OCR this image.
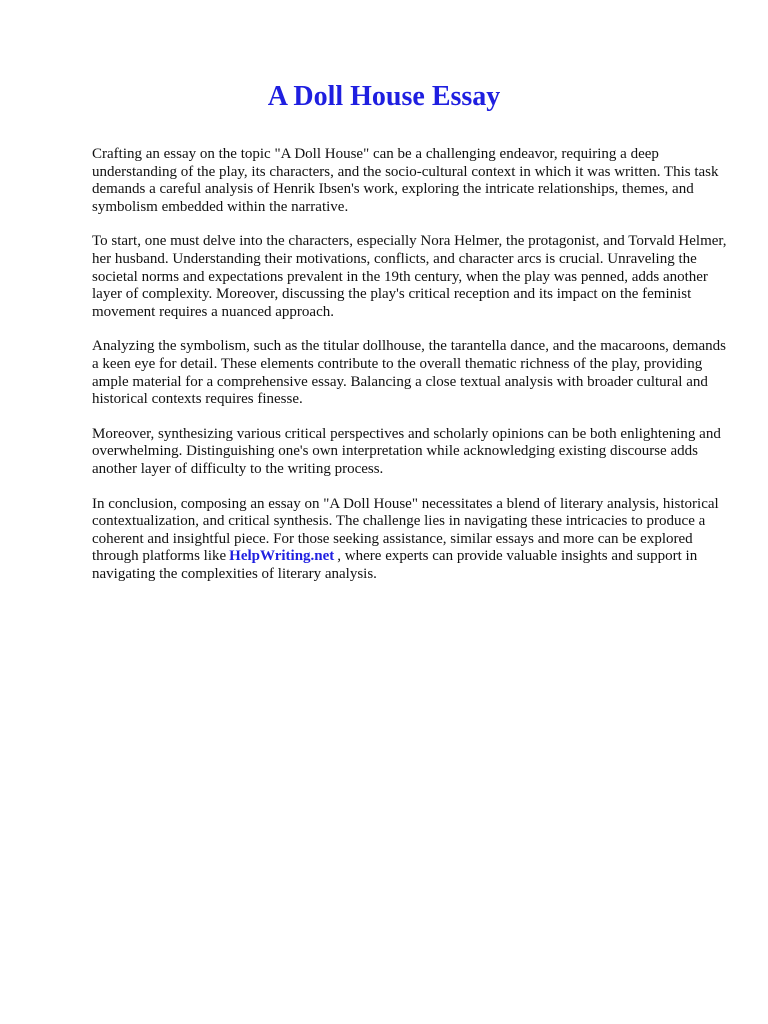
A Doll House Essay

Crafting an essay on the topic "A Doll House" can be a challenging endeavor, requiring a deep understanding of the play, its characters, and the socio-cultural context in which it was written. This task demands a careful analysis of Henrik Ibsen's work, exploring the intricate relationships, themes, and symbolism embedded within the narrative.

To start, one must delve into the characters, especially Nora Helmer, the protagonist, and Torvald Helmer, her husband. Understanding their motivations, conflicts, and character arcs is crucial. Unraveling the societal norms and expectations prevalent in the 19th century, when the play was penned, adds another layer of complexity. Moreover, discussing the play's critical reception and its impact on the feminist movement requires a nuanced approach.

Analyzing the symbolism, such as the titular dollhouse, the tarantella dance, and the macaroons, demands a keen eye for detail. These elements contribute to the overall thematic richness of the play, providing ample material for a comprehensive essay. Balancing a close textual analysis with broader cultural and historical contexts requires finesse.

Moreover, synthesizing various critical perspectives and scholarly opinions can be both enlightening and overwhelming. Distinguishing one's own interpretation while acknowledging existing discourse adds another layer of difficulty to the writing process.

In conclusion, composing an essay on "A Doll House" necessitates a blend of literary analysis, historical contextualization, and critical synthesis. The challenge lies in navigating these intricacies to produce a coherent and insightful piece. For those seeking assistance, similar essays and more can be explored through platforms like HelpWriting.net , where experts can provide valuable insights and support in navigating the complexities of literary analysis.
